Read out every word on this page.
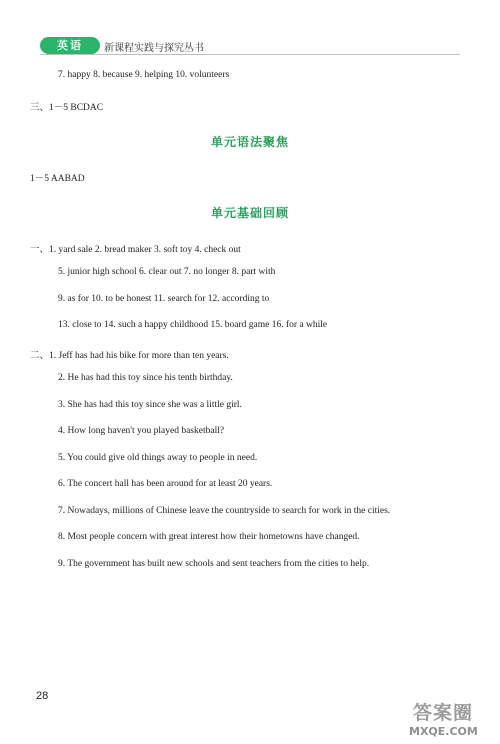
英语	新课程实践与探究丛书
7. happy 8. because 9. helping 10. volunteers
三、1－5 BCDAC
单元语法聚焦
1－5 AABAD
单元基础回顾
一、1. yard sale 2. bread maker 3. soft toy 4. check out
5. junior high school 6. clear out 7. no longer 8. part with
9. as for 10. to be honest 11. search for 12. according to
13. close to 14. such a happy childhood 15. board game 16. for a while
二、1. Jeff has had his bike for more than ten years.
2. He has had this toy since his tenth birthday.
3. She has had this toy since she was a little girl.
4. How long haven't you played basketball?
5. You could give old things away to people in need.
6. The concert hall has been around for at least 20 years.
7. Nowadays, millions of Chinese leave the countryside to search for work in the cities.
8. Most people concern with great interest how their hometowns have changed.
9. The government has built new schools and sent teachers from the cities to help.
28
答案圈
MXQE.COM
